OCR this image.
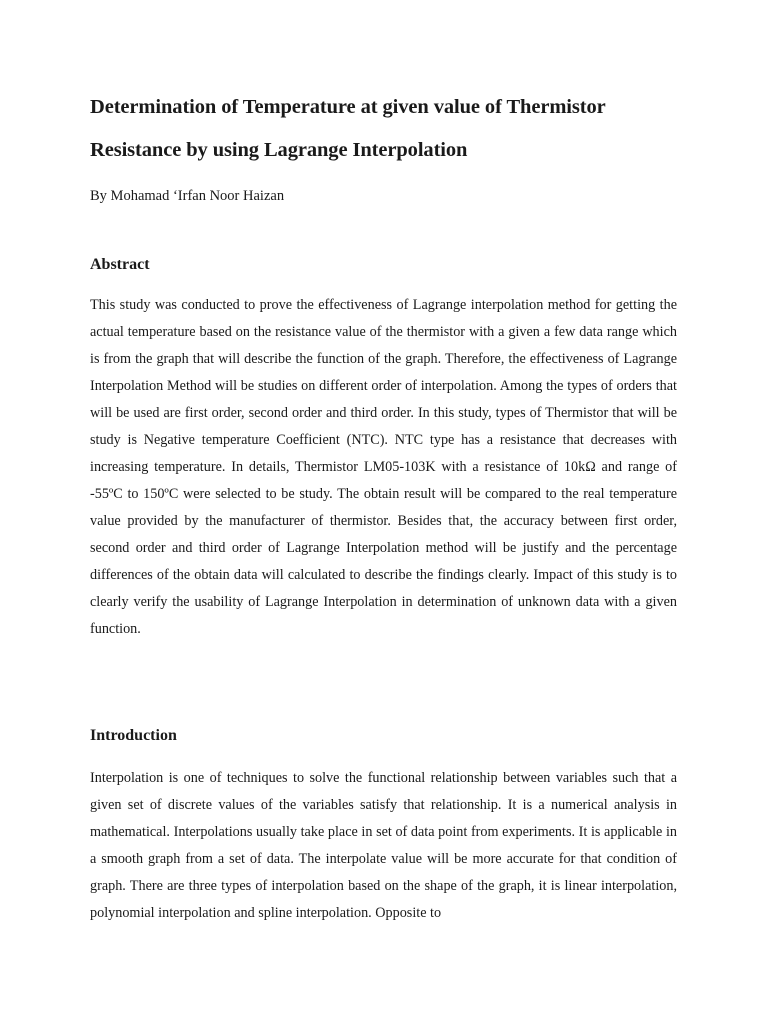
Determination of Temperature at given value of Thermistor Resistance by using Lagrange Interpolation

By Mohamad ‘Irfan Noor Haizan

Abstract

This study was conducted to prove the effectiveness of Lagrange interpolation method for getting the actual temperature based on the resistance value of the thermistor with a given a few data range which is from the graph that will describe the function of the graph. Therefore, the effectiveness of Lagrange Interpolation Method will be studies on different order of interpolation. Among the types of orders that will be used are first order, second order and third order. In this study, types of Thermistor that will be study is Negative temperature Coefficient (NTC). NTC type has a resistance that decreases with increasing temperature. In details, Thermistor LM05-103K with a resistance of 10kΩ and range of -55ºC to 150ºC were selected to be study. The obtain result will be compared to the real temperature value provided by the manufacturer of thermistor. Besides that, the accuracy between first order, second order and third order of Lagrange Interpolation method will be justify and the percentage differences of the obtain data will calculated to describe the findings clearly. Impact of this study is to clearly verify the usability of Lagrange Interpolation in determination of unknown data with a given function.

Introduction

Interpolation is one of techniques to solve the functional relationship between variables such that a given set of discrete values of the variables satisfy that relationship. It is a numerical analysis in mathematical. Interpolations usually take place in set of data point from experiments. It is applicable in a smooth graph from a set of data. The interpolate value will be more accurate for that condition of graph. There are three types of interpolation based on the shape of the graph, it is linear interpolation, polynomial interpolation and spline interpolation. Opposite to
